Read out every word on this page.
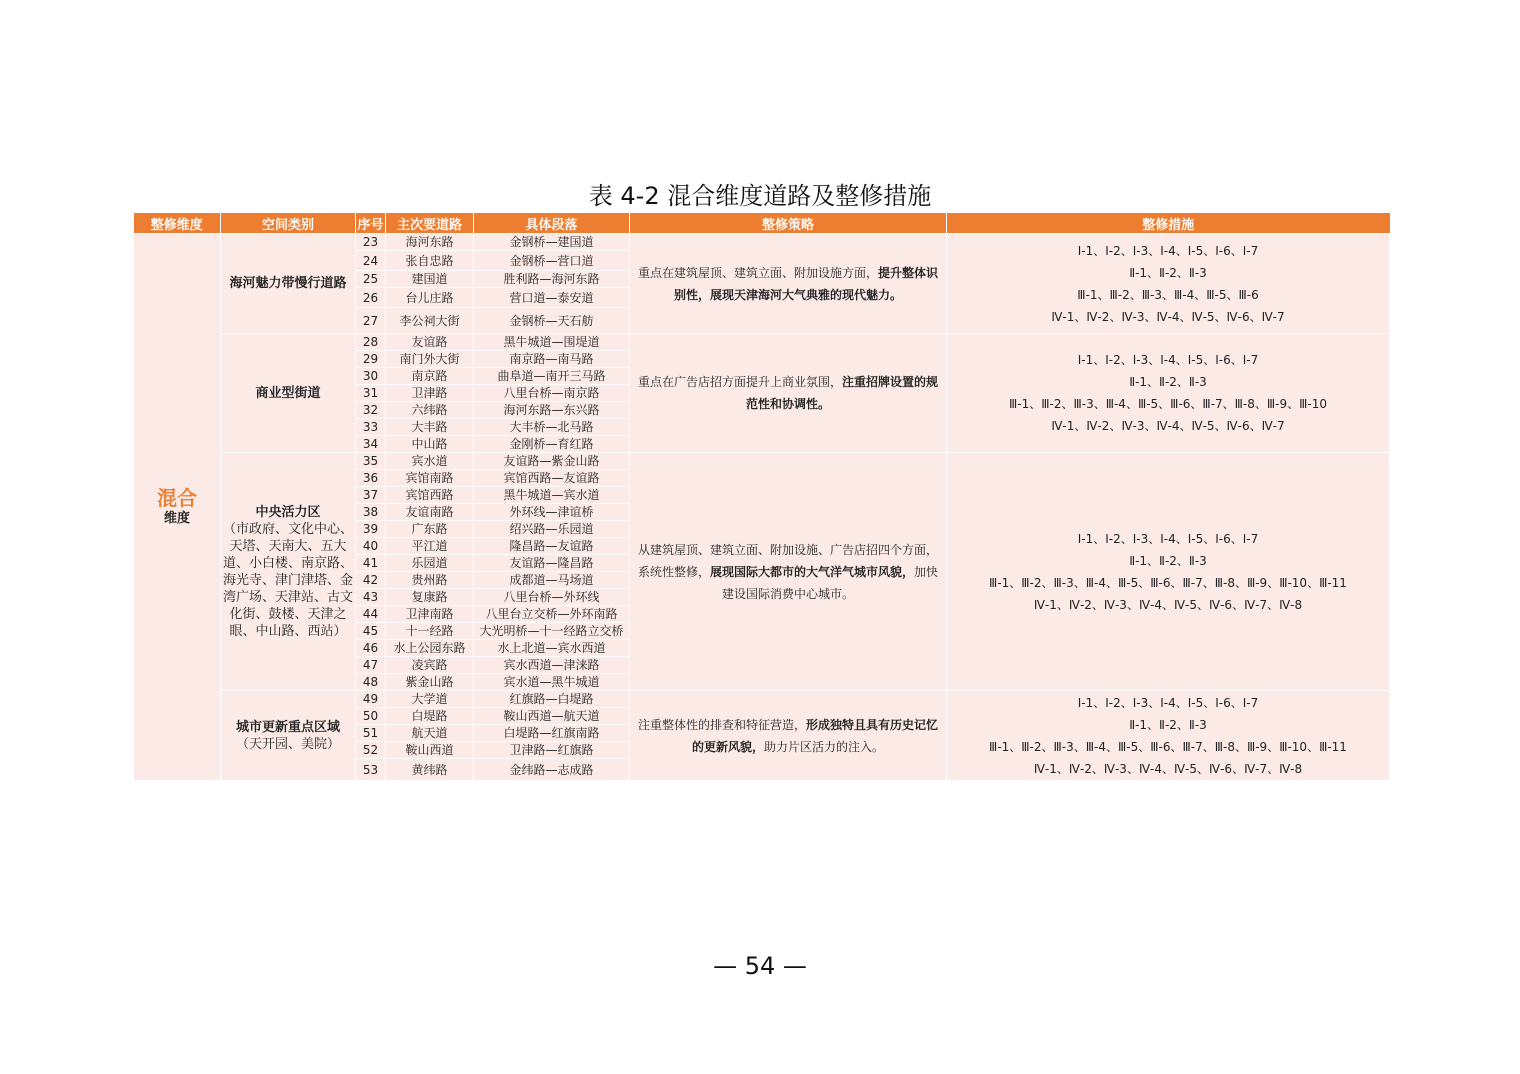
表 4-2 混合维度道路及整修措施
整修维度	空间类别	序号	主次要道路	具体段落	整修策略	整修措施

混合
维度	海河魅力带慢行道路	23	海河东路	金钢桥—建国道	重点在建筑屋顶、建筑立面、附加设施方面，提升整体识别性，展现天津海河大气典雅的现代魅力。	Ⅰ-1、Ⅰ-2、Ⅰ-3、Ⅰ-4、Ⅰ-5、Ⅰ-6、Ⅰ-7
Ⅱ-1、Ⅱ-2、Ⅱ-3
Ⅲ-1、Ⅲ-2、Ⅲ-3、Ⅲ-4、Ⅲ-5、Ⅲ-6
Ⅳ-1、Ⅳ-2、Ⅳ-3、Ⅳ-4、Ⅳ-5、Ⅳ-6、Ⅳ-7

		24	张自忠路	金钢桥—营口道		
		25	建国道	胜利路—海河东路		
		26	台儿庄路	营口道—泰安道		
		27	李公祠大街	金钢桥—天石舫		

	商业型街道	28	友谊路	黑牛城道—围堤道	重点在广告店招方面提升上商业氛围，注重招牌设置的规范性和协调性。	Ⅰ-1、Ⅰ-2、Ⅰ-3、Ⅰ-4、Ⅰ-5、Ⅰ-6、Ⅰ-7
Ⅱ-1、Ⅱ-2、Ⅱ-3
Ⅲ-1、Ⅲ-2、Ⅲ-3、Ⅲ-4、Ⅲ-5、Ⅲ-6、Ⅲ-7、Ⅲ-8、Ⅲ-9、Ⅲ-10
Ⅳ-1、Ⅳ-2、Ⅳ-3、Ⅳ-4、Ⅳ-5、Ⅳ-6、Ⅳ-7

		29	南门外大街	南京路—南马路		
		30	南京路	曲阜道—南开三马路		
		31	卫津路	八里台桥—南京路		
		32	六纬路	海河东路—东兴路		
		33	大丰路	大丰桥—北马路		
		34	中山路	金刚桥—育红路		

	中央活力区
（市政府、文化中心、天塔、天南大、五大道、小白楼、南京路、海光寺、津门津塔、金湾广场、天津站、古文化街、鼓楼、天津之眼、中山路、西站）	35	宾水道	友谊路—紫金山路	从建筑屋顶、建筑立面、附加设施、广告店招四个方面，系统性整修，展现国际大都市的大气洋气城市风貌，加快建设国际消费中心城市。	Ⅰ-1、Ⅰ-2、Ⅰ-3、Ⅰ-4、Ⅰ-5、Ⅰ-6、Ⅰ-7
Ⅱ-1、Ⅱ-2、Ⅱ-3
Ⅲ-1、Ⅲ-2、Ⅲ-3、Ⅲ-4、Ⅲ-5、Ⅲ-6、Ⅲ-7、Ⅲ-8、Ⅲ-9、Ⅲ-10、Ⅲ-11
Ⅳ-1、Ⅳ-2、Ⅳ-3、Ⅳ-4、Ⅳ-5、Ⅳ-6、Ⅳ-7、Ⅳ-8

		36	宾馆南路	宾馆西路—友谊路		
		37	宾馆西路	黑牛城道—宾水道		
		38	友谊南路	外环线—津谊桥		
		39	广东路	绍兴路—乐园道		
		40	平江道	隆昌路—友谊路		
		41	乐园道	友谊路—隆昌路		
		42	贵州路	成都道—马场道		
		43	复康路	八里台桥—外环线		
		44	卫津南路	八里台立交桥—外环南路		
		45	十一经路	大光明桥—十一经路立交桥		
		46	水上公园东路	水上北道—宾水西道		
		47	凌宾路	宾水西道—津涞路		
		48	紫金山路	宾水道—黑牛城道		

	城市更新重点区域
（天开园、美院）	49	大学道	红旗路—白堤路	注重整体性的排查和特征营造，形成独特且具有历史记忆的更新风貌，助力片区活力的注入。	Ⅰ-1、Ⅰ-2、Ⅰ-3、Ⅰ-4、Ⅰ-5、Ⅰ-6、Ⅰ-7
Ⅱ-1、Ⅱ-2、Ⅱ-3
Ⅲ-1、Ⅲ-2、Ⅲ-3、Ⅲ-4、Ⅲ-5、Ⅲ-6、Ⅲ-7、Ⅲ-8、Ⅲ-9、Ⅲ-10、Ⅲ-11
Ⅳ-1、Ⅳ-2、Ⅳ-3、Ⅳ-4、Ⅳ-5、Ⅳ-6、Ⅳ-7、Ⅳ-8

		50	白堤路	鞍山西道—航天道		
		51	航天道	白堤路—红旗南路		
		52	鞍山西道	卫津路—红旗路		
		53	黄纬路	金纬路—志成路		
— 54 —
